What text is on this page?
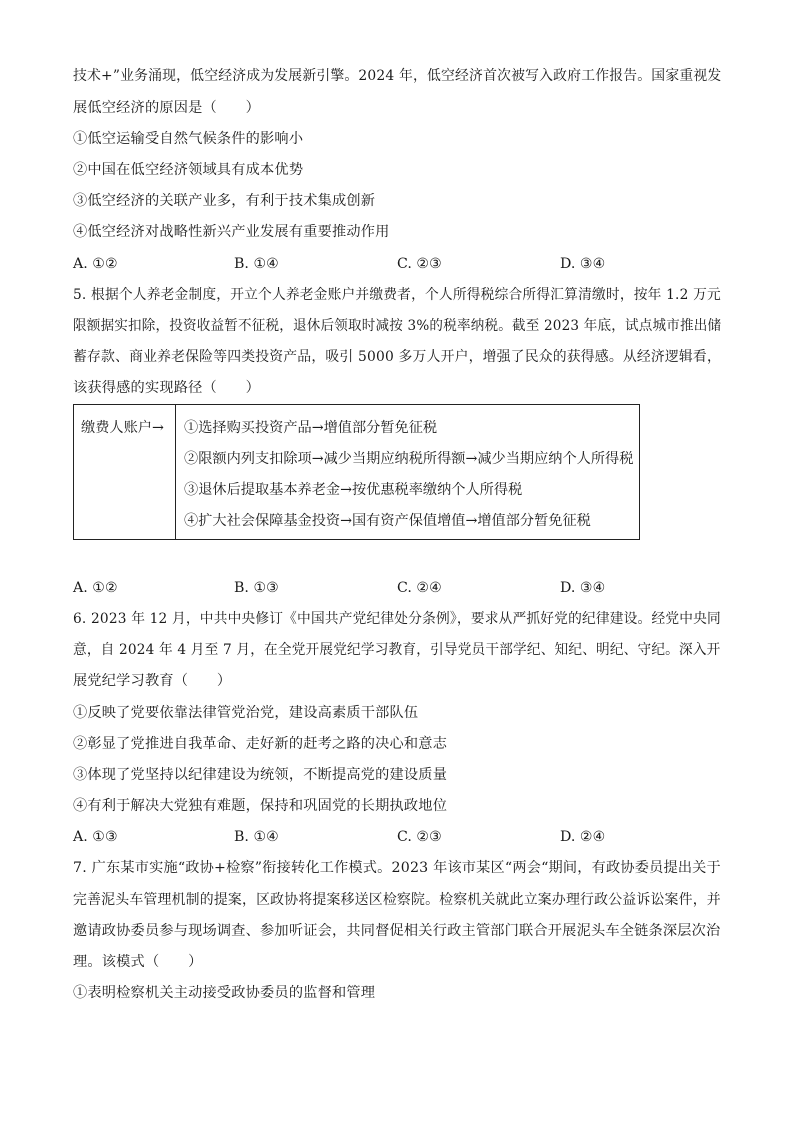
技术+”业务涌现，低空经济成为发展新引擎。2024 年，低空经济首次被写入政府工作报告。国家重视发
展低空经济的原因是（　　）
①低空运输受自然气候条件的影响小
②中国在低空经济领域具有成本优势
③低空经济的关联产业多，有利于技术集成创新
④低空经济对战略性新兴产业发展有重要推动作用
A. ①②	B. ①④	C. ②③	D. ③④
5. 根据个人养老金制度，开立个人养老金账户并缴费者，个人所得税综合所得汇算清缴时，按年 1.2 万元
限额据实扣除，投资收益暂不征税，退休后领取时减按 3%的税率纳税。截至 2023 年底，试点城市推出储
蓄存款、商业养老保险等四类投资产品，吸引 5000 多万人开户，增强了民众的获得感。从经济逻辑看，
该获得感的实现路径（　　）
缴费人账户→ ①选择购买投资产品→增值部分暂免征税
②限额内列支扣除项→减少当期应纳税所得额→减少当期应纳个人所得税
③退休后提取基本养老金→按优惠税率缴纳个人所得税
④扩大社会保障基金投资→国有资产保值增值→增值部分暂免征税
A. ①②	B. ①③	C. ②④	D. ③④
6. 2023 年 12 月，中共中央修订《中国共产党纪律处分条例》，要求从严抓好党的纪律建设。经党中央同
意，自 2024 年 4 月至 7 月，在全党开展党纪学习教育，引导党员干部学纪、知纪、明纪、守纪。深入开
展党纪学习教育（　　）
①反映了党要依靠法律管党治党，建设高素质干部队伍
②彰显了党推进自我革命、走好新的赶考之路的决心和意志
③体现了党坚持以纪律建设为统领，不断提高党的建设质量
④有利于解决大党独有难题，保持和巩固党的长期执政地位
A. ①③	B. ①④	C. ②③	D. ②④
7. 广东某市实施“政协+检察”衔接转化工作模式。2023 年该市某区“两会“期间，有政协委员提出关于
完善泥头车管理机制的提案，区政协将提案移送区检察院。检察机关就此立案办理行政公益诉讼案件，并
邀请政协委员参与现场调查、参加听证会，共同督促相关行政主管部门联合开展泥头车全链条深层次治
理。该模式（　　）
①表明检察机关主动接受政协委员的监督和管理
